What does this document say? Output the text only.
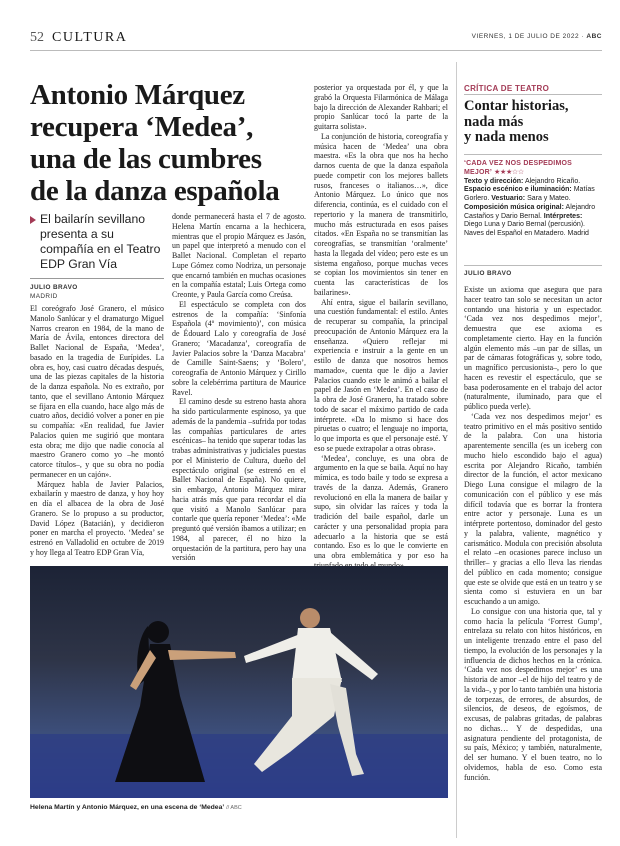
52 CULTURA	VIERNES, 1 DE JULIO DE 2022 · ABC
Antonio Márquez
recupera ‘Medea’,
una de las cumbres
de la danza española
El bailarín sevillano presenta a su compañía en el Teatro EDP Gran Vía
JULIO BRAVO
MADRID

El coreógrafo José Granero, el músico Manolo Sanlúcar y el dramaturgo Miguel Narros crearon en 1984, de la mano de María de Ávila, entonces directora del Ballet Nacional de España, ‘Medea’, basado en la tragedia de Eurípides. La obra es, hoy, casi cuatro décadas después, una de las piezas capitales de la historia de la danza española. No es extraño, por tanto, que el sevillano Antonio Márquez se fijara en ella cuando, hace algo más de cuatro años, decidió volver a poner en pie su compañía: «En realidad, fue Javier Palacios quien me sugirió que montara esta obra; me dijo que nadie conocía al maestro Granero como yo –he montó catorce títulos–, y que su obra no podía permanecer en un cajón».

Márquez habla de Javier Palacios, exbailarín y maestro de danza, y hoy hoy en día el albacea de la obra de José Granero. Se lo propuso a su productor, David López (Batacián), y decidieron poner en marcha el proyecto. ‘Medea’ se estrenó en Valladolid en octubre de 2019 y hoy llega al Teatro EDP Gran Vía,

donde permanecerá hasta el 7 de agosto. Helena Martín encarna a la hechicera, mientras que el propio Márquez es Jasón, un papel que interpretó a menudo con el Ballet Nacional. Completan el reparto Lupe Gómez como Nodriza, un personaje que encarnó también en muchas ocasiones en la compañía estatal; Luis Ortega como Creonte, y Paula García como Creúsa.

El espectáculo se completa con dos estrenos de la compañía: ‘Sinfonía Española (4º movimiento)’, con música de Édouard Lalo y coreografía de José Granero; ‘Macadanza’, coreografía de Javier Palacios sobre la ‘Danza Macabra’ de Camille Saint-Saens; y ‘Bolero’, coreografía de Antonio Márquez y Cirillo sobre la celebérrima partitura de Maurice Ravel.

El camino desde su estreno hasta ahora ha sido particularmente espinoso, ya que además de la pandemia –sufrida por todas las compañías particulares de artes escénicas– ha tenido que superar todas las trabas administrativas y judiciales puestas por el Ministerio de Cultura, dueño del espectáculo original (se estrenó en el Ballet Nacional de España). No quiere, sin embargo, Antonio Márquez mirar hacia atrás más que para recordar el día que visitó a Manolo Sanlúcar para contarle que quería reponer ‘Medea’: «Me preguntó qué versión íbamos a utilizar; en 1984, al parecer, él no hizo la orquestación de la partitura, pero hay una versión

posterior ya orquestada por él, y que la grabó la Orquesta Filarmónica de Málaga bajo la dirección de Alexander Rahbari; el propio Sanlúcar tocó la parte de la guitarra solista».

La conjunción de historia, coreografía y música hacen de ‘Medea’ una obra maestra. «Es la obra que nos ha hecho darnos cuenta de que la danza española puede competir con los mejores ballets rusos, franceses o italianos…», dice Antonio Márquez. Lo único que nos diferencia, continúa, es el cuidado con el repertorio y la manera de transmitirlo, mucho más estructurada en esos países citados. «En España no se transmitían las coreografías, se transmitían ‘oralmente’ hasta la llegada del vídeo; pero este es un sistema engañoso, porque muchas veces se copian los movimientos sin tener en cuenta las características de los bailarines».

Ahí entra, sigue el bailarín sevillano, una cuestión fundamental: el estilo. Antes de recuperar su compañía, la principal preocupación de Antonio Márquez era la enseñanza. «Quiero reflejar mi experiencia e instruir a la gente en un estilo de danza que nosotros hemos mamado», cuenta que le dijo a Javier Palacios cuando este le animó a bailar el papel de Jasón en ‘Medea’. En el caso de la obra de José Granero, ha tratado sobre todo de sacar el máximo partido de cada intérprete. «Da lo mismo si hace dos piruetas o cuatro; el lenguaje no importa, lo que importa es que el personaje esté. Y eso se puede extrapolar a otras obras».

‘Medea’, concluye, es una obra de argumento en la que se baila. Aquí no hay mímica, es todo baile y todo se expresa a través de la danza. Además, Granero revolucionó en ella la manera de bailar y supo, sin olvidar las raíces y toda la tradición del baile español, darle un carácter y una personalidad propia para adecuarlo a la historia que se está contando. Eso es lo que le convierte en una obra emblemática y por eso ha

Helena Martín y Antonio Márquez, en una escena de ‘Medea’ // ABC
CRÍTICA DE TEATRO
Contar historias,
nada más
y nada menos
‘CADA VEZ NOS DESPEDIMOS MEJOR’ ★★★☆☆
Texto y dirección: Alejandro Ricaño. Espacio escénico e iluminación: Matías Gorlero. Vestuario: Sara y Mateo. Composición música original: Alejandro Castaños y Dario Bernal. Intérpretes: Diego Luna y Dario Bernal (percusión). Naves del Español en Matadero. Madrid
JULIO BRAVO

Existe un axioma que asegura que para hacer teatro tan solo se necesitan un actor contando una historia y un espectador. ‘Cada vez nos despedimos mejor’, demuestra que ese axioma es completamente cierto. Hay en la función algún elemento más –un par de sillas, un par de cámaras fotográficas y, sobre todo, un magnífico percusionista–, pero lo que hacen es revestir el espectáculo, que se basa poderosamente en el trabajo del actor (naturalmente, iluminado, para que el público pueda verle).

‘Cada vez nos despedimos mejor’ es teatro primitivo en el más positivo sentido de la palabra. Con una historia aparentemente sencilla (es un iceberg con mucho hielo escondido bajo el agua) escrita por Alejandro Ricaño, también director de la función, el actor mexicano Diego Luna consigue el milagro de la comunicación con el público y ese más difícil todavía que es borrar la frontera entre actor y personaje. Luna es un intérprete portentoso, dominador del gesto y la palabra, valiente, magnético y carismático. Modula con precisión absoluta el relato –en ocasiones parece incluso un thriller– y gracias a ello lleva las riendas del público en cada momento; consigue que este se olvide que está en un teatro y se sienta como si estuviera en un bar escuchando a un amigo.

Lo consigue con una historia que, tal y como hacía la película ‘Forrest Gump’, entrelaza su relato con hitos históricos, en un inteligente trenzado entre el paso del tiempo, la evolución de los personajes y la influencia de dichos hechos en la crónica. ‘Cada vez nos despedimos mejor’ es una historia de amor –el de hijo del teatro y de la vida–, y por lo tanto también una historia de torpezas, de errores, de absurdos, de silencios, de deseos, de egoísmos, de excusas, de palabras gritadas, de palabras no dichas… Y de despedidas, una asignatura pendiente del protagonista, de su país, México; y también, naturalmente, del ser humano. Y el buen teatro, no lo olvidemos, habla de eso. Como esta función.
